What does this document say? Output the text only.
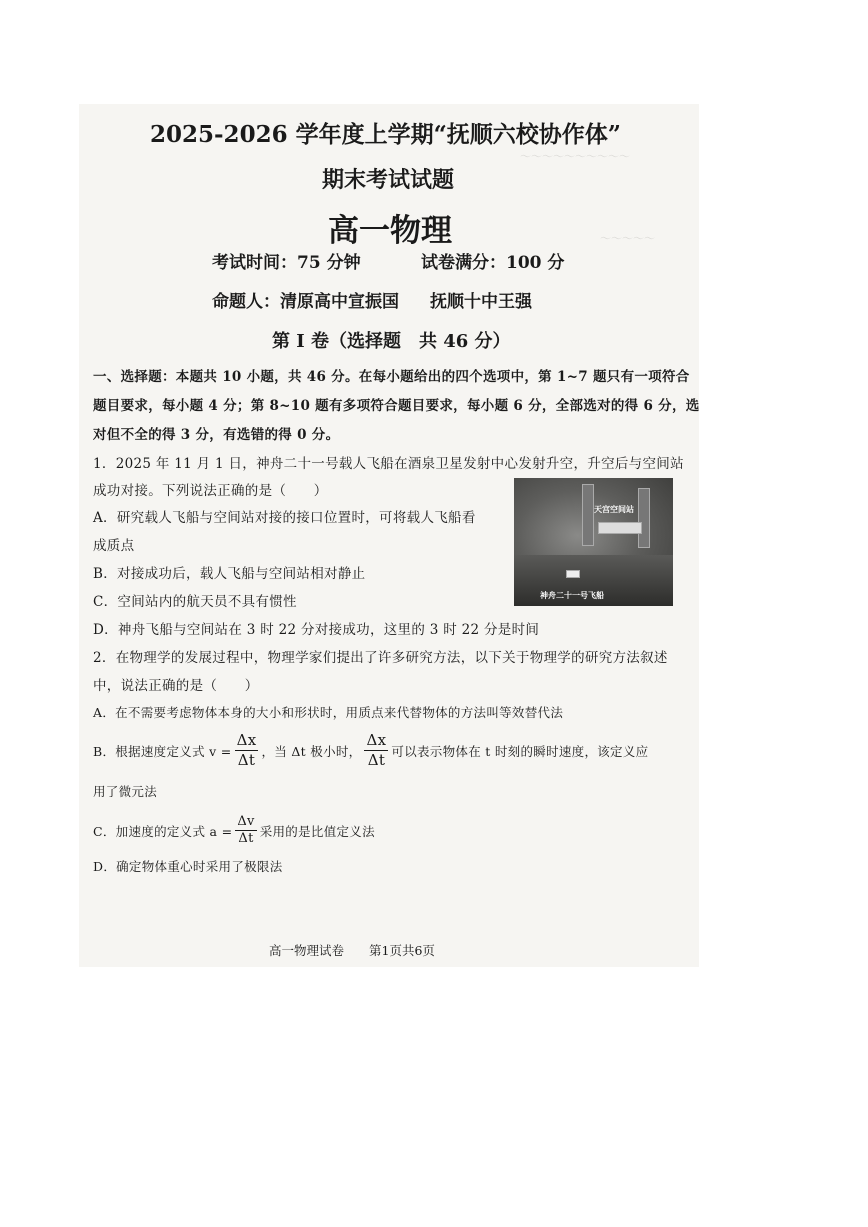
～～～～～～～～～～
～～～～～
2025-2026 学年度上学期“抚顺六校协作体”
期末考试试题
高一物理
考试时间：75 分钟	试卷满分：100 分
命题人：清原高中宣振国 抚顺十中王强
第 I 卷（选择题　共 46 分）
一、选择题：本题共 10 小题，共 46 分。在每小题给出的四个选项中，第 1~7 题只有一项符合
题目要求，每小题 4 分；第 8~10 题有多项符合题目要求，每小题 6 分，全部选对的得 6 分，选
对但不全的得 3 分，有选错的得 0 分。
1．2025 年 11 月 1 日，神舟二十一号载人飞船在酒泉卫星发射中心发射升空，升空后与空间站
成功对接。下列说法正确的是（　　）
A．研究载人飞船与空间站对接的接口位置时，可将载人飞船看
成质点
B．对接成功后，载人飞船与空间站相对静止
C．空间站内的航天员不具有惯性
D．神舟飞船与空间站在 3 时 22 分对接成功，这里的 3 时 22 分是时间
天宫空间站
神舟二十一号飞船
2．在物理学的发展过程中，物理学家们提出了许多研究方法，以下关于物理学的研究方法叙述
中，说法正确的是（　　）
A．在不需要考虑物体本身的大小和形状时，用质点来代替物体的方法叫等效替代法
B．根据速度定义式 $v = \frac{\Delta x}{\Delta t}$ ，当 Δt 极小时， $\frac{\Delta x}{\Delta t}$ 可以表示物体在 t 时刻的瞬时速度，该定义应
用了微元法
C．加速度的定义式 $a = \frac{\Delta v}{\Delta t}$ 采用的是比值定义法
D．确定物体重心时采用了极限法
高一物理试卷　　第1页共6页
